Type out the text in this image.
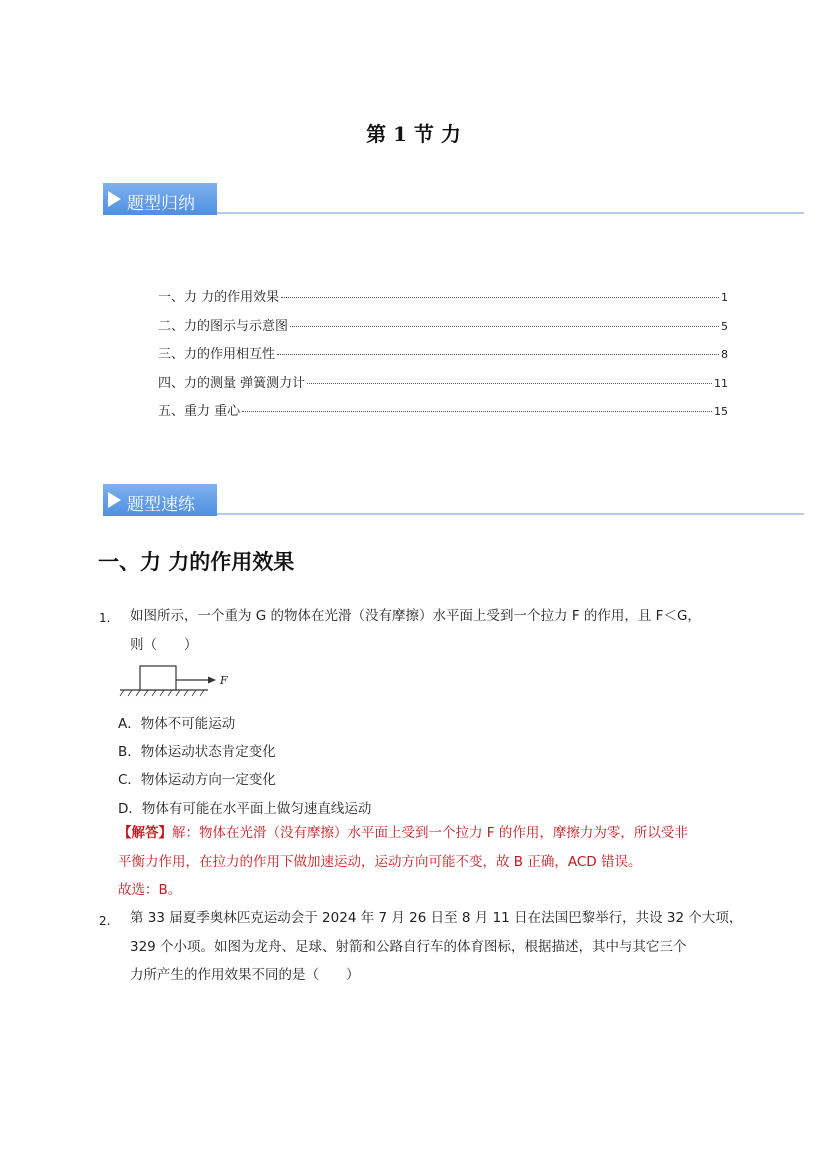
第 1 节 力
题型归纳
一、力 力的作用效果	1
二、力的图示与示意图	5
三、力的作用相互性	8
四、力的测量 弹簧测力计	11
五、重力 重心	15
题型速练
一、力 力的作用效果
1. 如图所示，一个重为 G 的物体在光滑（没有摩擦）水平面上受到一个拉力 F 的作用，且 F＜G，
则（　　）
F
A．物体不可能运动
B．物体运动状态肯定变化
C．物体运动方向一定变化
D．物体有可能在水平面上做匀速直线运动
【解答】解：物体在光滑（没有摩擦）水平面上受到一个拉力 F 的作用，摩擦力为零，所以受非
平衡力作用，在拉力的作用下做加速运动，运动方向可能不变，故 B 正确，ACD 错误。
故选：B。
2. 第 33 届夏季奥林匹克运动会于 2024 年 7 月 26 日至 8 月 11 日在法国巴黎举行，共设 32 个大项，
329 个小项。如图为龙舟、足球、射箭和公路自行车的体育图标，根据描述，其中与其它三个
力所产生的作用效果不同的是（　　）
